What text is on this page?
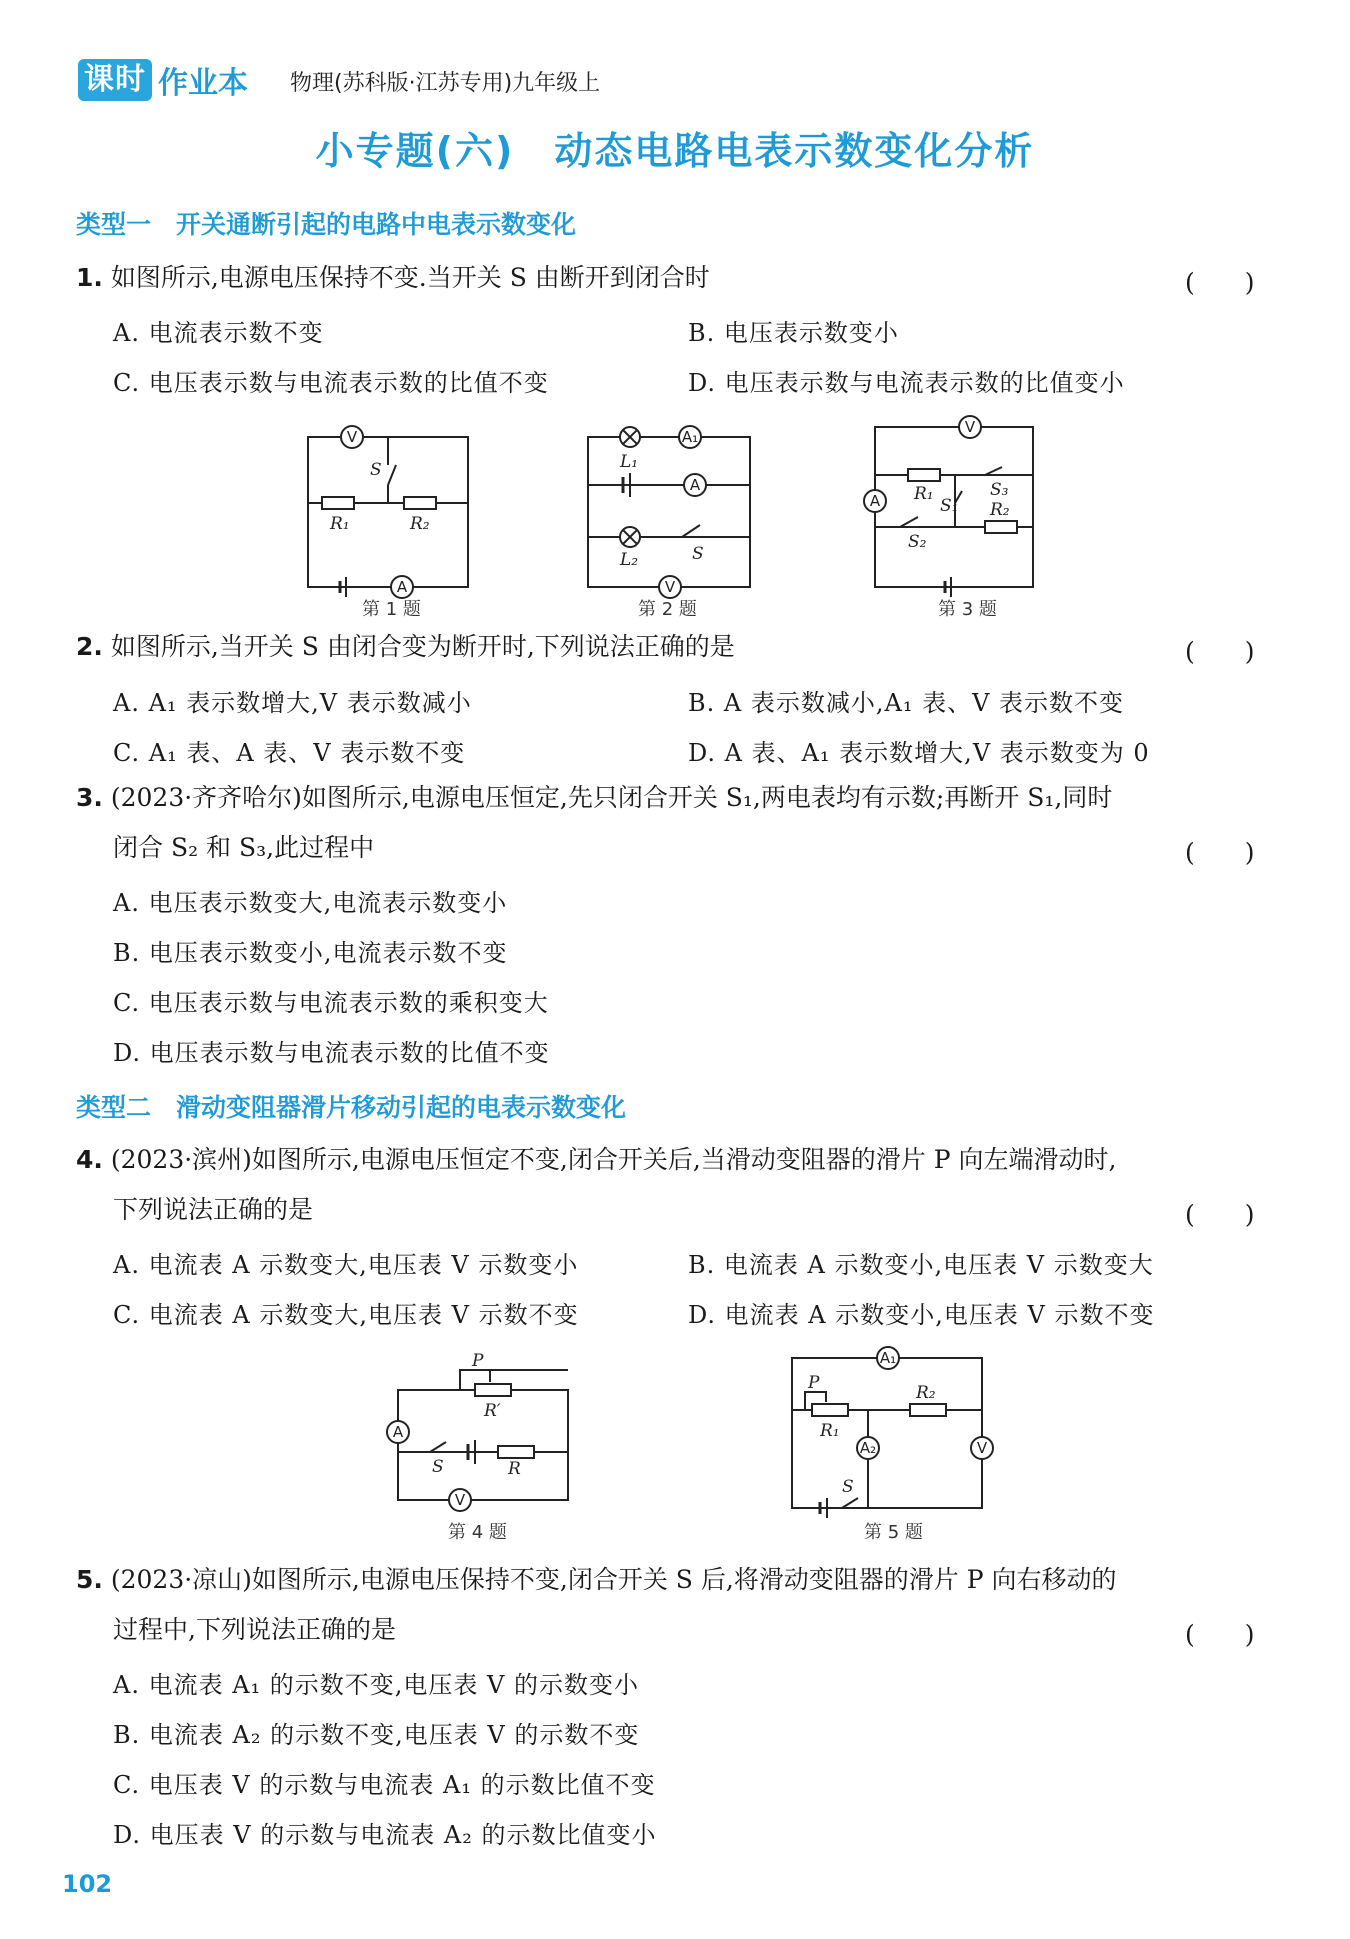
课时 作业本 物理(苏科版·江苏专用)九年级上
小专题(六)　动态电路电表示数变化分析
类型一　开关通断引起的电路中电表示数变化
1. 如图所示,电源电压保持不变.当开关 S 由断开到闭合时	(　　)
A. 电流表示数不变	B. 电压表示数变小
C. 电压表示数与电流表示数的比值不变	D. 电压表示数与电流表示数的比值变小
V
S
R₁	R₂
A
第 1 题
A₁
L₁
A
S
L₂
V
第 2 题
V
A R₁
S₁
S₃
S₂
R₂
第 3 题
2. 如图所示,当开关 S 由闭合变为断开时,下列说法正确的是	(　　)
A. A₁ 表示数增大,V 表示数减小	B. A 表示数减小,A₁ 表、V 表示数不变
C. A₁ 表、A 表、V 表示数不变	D. A 表、A₁ 表示数增大,V 表示数变为 0
3. (2023·齐齐哈尔)如图所示,电源电压恒定,先只闭合开关 S₁,两电表均有示数;再断开 S₁,同时
闭合 S₂ 和 S₃,此过程中	(　　)
A. 电压表示数变大,电流表示数变小
B. 电压表示数变小,电流表示数不变
C. 电压表示数与电流表示数的乘积变大
D. 电压表示数与电流表示数的比值不变
类型二　滑动变阻器滑片移动引起的电表示数变化
4. (2023·滨州)如图所示,电源电压恒定不变,闭合开关后,当滑动变阻器的滑片 P 向左端滑动时,
下列说法正确的是	(　　)
A. 电流表 A 示数变大,电压表 V 示数变小	B. 电流表 A 示数变小,电压表 V 示数变大
C. 电流表 A 示数变大,电压表 V 示数不变	D. 电流表 A 示数变小,电压表 V 示数不变
P
R′
A
S	R
V
第 4 题
A₁
P
R₁
R₂
A₂	V
S
第 5 题
5. (2023·凉山)如图所示,电源电压保持不变,闭合开关 S 后,将滑动变阻器的滑片 P 向右移动的
过程中,下列说法正确的是	(　　)
A. 电流表 A₁ 的示数不变,电压表 V 的示数变小
B. 电流表 A₂ 的示数不变,电压表 V 的示数不变
C. 电压表 V 的示数与电流表 A₁ 的示数比值不变
D. 电压表 V 的示数与电流表 A₂ 的示数比值变小
102
